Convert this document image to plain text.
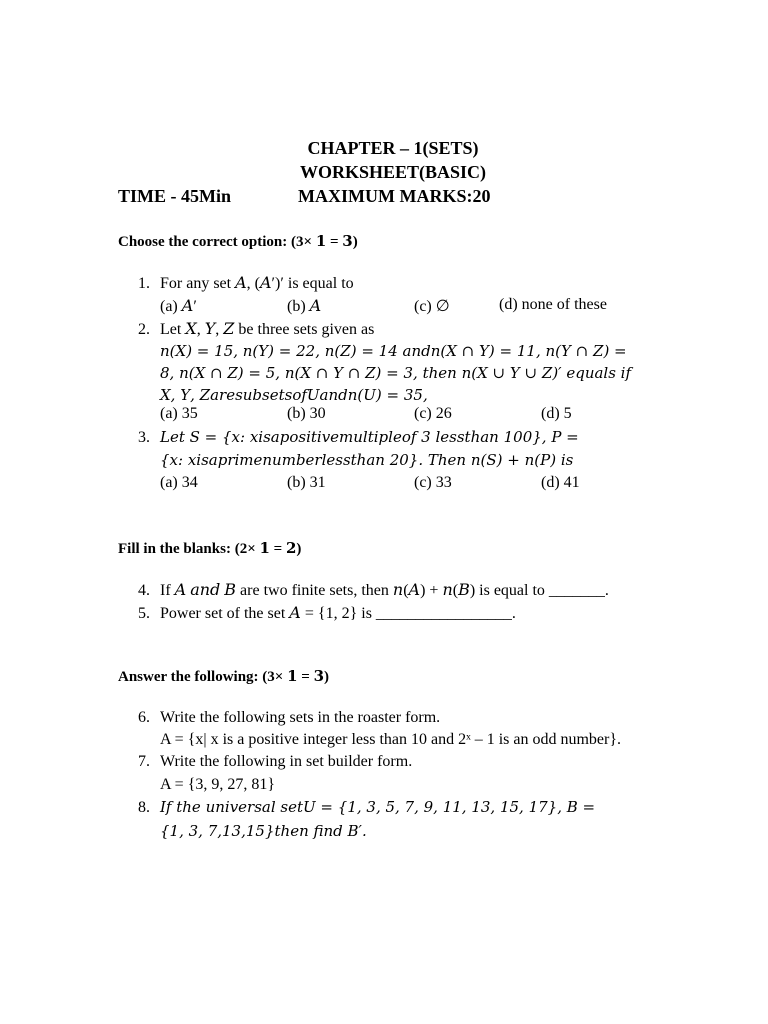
CHAPTER – 1(SETS)
WORKSHEET(BASIC)
TIME - 45Min	MAXIMUM MARKS:20
Choose the correct option: (3× 𝟏 = 𝟑)
1. For any set 𝐴, (𝐴′)′ is equal to
(a) 𝐴′	(b) 𝐴	(c) ∅	(d) none of these
2. Let 𝑋, 𝑌, 𝑍 be three sets given as
𝑛(𝑋) = 15, 𝑛(𝑌) = 22, 𝑛(𝑍) = 14 𝑎𝑛𝑑𝑛(𝑋 ∩ 𝑌) = 11, 𝑛(𝑌 ∩ 𝑍) =
8, 𝑛(𝑋 ∩ 𝑍) = 5, 𝑛(𝑋 ∩ 𝑌 ∩ 𝑍) = 3, then 𝑛(𝑋 ∪ 𝑌 ∪ 𝑍)′ equals if
𝑋, 𝑌, 𝑍𝑎𝑟𝑒𝑠𝑢𝑏𝑠𝑒𝑡𝑠𝑜𝑓𝑈𝑎𝑛𝑑𝑛(𝑈) = 35,
(a) 35	(b) 30	(c) 26	(d) 5
3. Let 𝑆 = {𝑥: 𝑥𝑖𝑠𝑎𝑝𝑜𝑠𝑖𝑡𝑖𝑣𝑒𝑚𝑢𝑙𝑡𝑖𝑝𝑙𝑒𝑜𝑓 3 𝑙𝑒𝑠𝑠𝑡ℎ𝑎𝑛 100}, 𝑃 =
{𝑥: 𝑥𝑖𝑠𝑎𝑝𝑟𝑖𝑚𝑒𝑛𝑢𝑚𝑏𝑒𝑟𝑙𝑒𝑠𝑠𝑡ℎ𝑎𝑛 20}. Then 𝑛(𝑆) + 𝑛(𝑃) is
(a) 34	(b) 31	(c) 33	(d) 41
Fill in the blanks: (2× 𝟏 = 𝟐)
4. If 𝐴 𝑎𝑛𝑑 𝐵 are two finite sets, then 𝑛(𝐴) + 𝑛(𝐵) is equal to _______.
5. Power set of the set 𝐴 = {1, 2} is _________________.
Answer the following: (3× 𝟏 = 𝟑)
6. Write the following sets in the roaster form.
A = {x| x is a positive integer less than 10 and 2ˣ – 1 is an odd number}.
7. Write the following in set builder form.
A = {3, 9, 27, 81}
8. If the universal set𝑈 = {1, 3, 5, 7, 9, 11, 13, 15, 17}, 𝐵 =
{1, 3, 7,13,15}then find 𝐵′.
